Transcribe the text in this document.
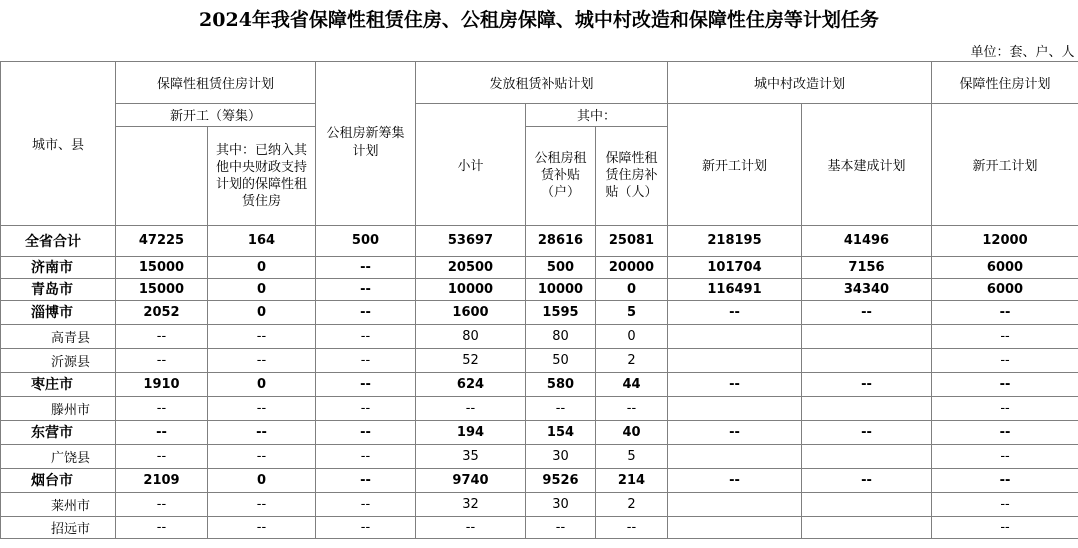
2024年我省保障性租赁住房、公租房保障、城中村改造和保障性住房等计划任务
								单位：套、户、人	
城市、县	保障性租赁住房计划		公租房新筹集计划	发放租赁补贴计划			城中村改造计划		保障性住房计划
	新开工（筹集）			小计	其中：		新开工计划	基本建成计划	新开工计划
		其中：已纳入其他中央财政支持计划的保障性租赁住房			公租房租赁补贴（户）	保障性租赁住房补贴（人）			

全省合计	47225	164	500	53697	28616	25081	218195	41496	12000
济南市	15000	0	--	20500	500	20000	101704	7156	6000
青岛市	15000	0	--	10000	10000	0	116491	34340	6000
淄博市	2052	0	--	1600	1595	5	--	--	--
高青县	--	--	--	80	80	0			--
沂源县	--	--	--	52	50	2			--
枣庄市	1910	0	--	624	580	44	--	--	--
滕州市	--	--	--	--	--	--			--
东营市	--	--	--	194	154	40	--	--	--
广饶县	--	--	--	35	30	5			--
烟台市	2109	0	--	9740	9526	214	--	--	--
莱州市	--	--	--	32	30	2			--
招远市	--	--	--	--	--	--			--
